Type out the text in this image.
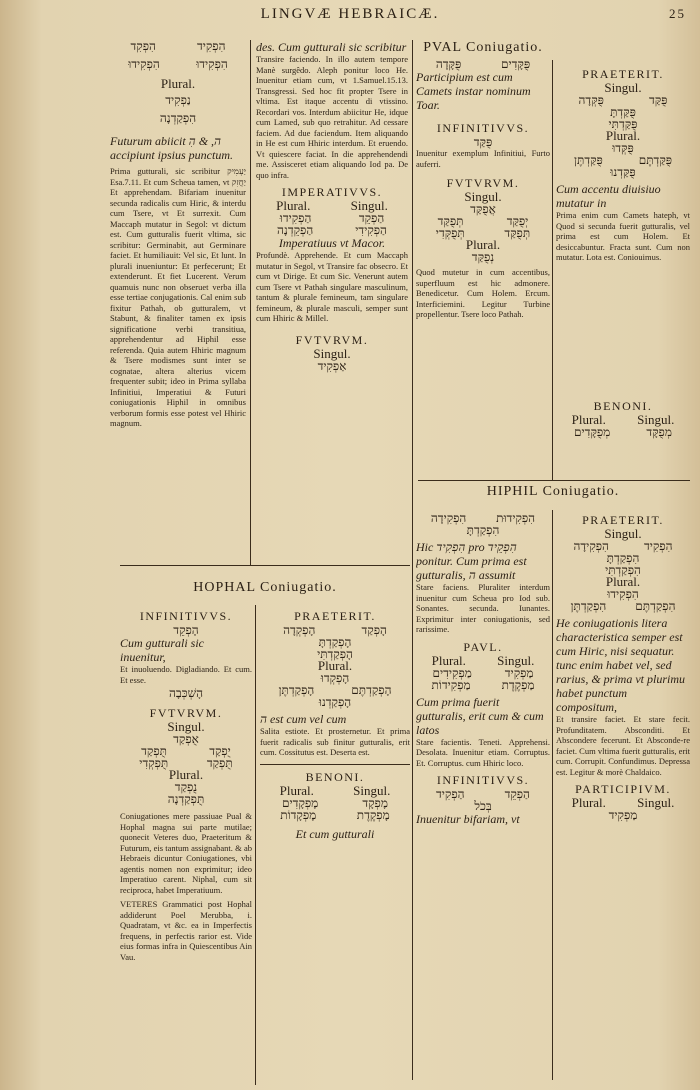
LINGVÆ HEBRAICÆ.	25
הִפְקִד	הִפְקִיד
הִפְקִידוּ	הִפְקִידוּ
Plural.
נַפְקִיד
הִפְקַדְנָה
Futurum abiicit ה, & הִ accipiunt ipsius punctum.

Prima gutturali, sic scribitur יַעְמִיק Esa.7.11. Et cum Scheua tamen, vt יַחֲזִק Et apprehendam. Bifariam inuenitur secunda radicalis cum Hiric, & interdu cum Tsere, vt Et surrexit. Cum Maccaph mutatur in Segol: vt dictum est. Cum gutturalis fuerit vltima, sic scribitur: Germinabit, aut Germinare faciet. Et humiliauit: Vel sic, Et lunt. In plurali inueniuntur: Et perfecerunt; Et extenderunt. Et fiet Lucerent. Verum quamuis nunc non obseruet verba illa esse tertiae conjugationis. Cal enim sub fixitur Pathah, ob gutturalem, vt Stabunt, & finaliter tamen ex ipsis significatione verbi transitiua, apprehendentur ad Hiphil esse referenda. Quia autem Hhiric magnum & Tsere modismes sunt inter se cognatae, altera alterius vicem frequenter subit; ideo in Prima syllaba Infinitiui, Imperatiui & Futuri coniugationis Hiphil in omnibus verborum formis esse potest vel Hhiric magnum.

des. Cum gutturali sic scribitur

Transire faciendo. In illo autem tempore Manè surgêdo. Aleph ponitur loco He. Inuenitur etiam cum, vt 1.Samuel.15.13. Transgressi. Sed hoc fit propter Tsere in vltima. Est itaque accentu di vtissino. Recordari vos. Interdum abiicitur He, idque cum Lamed, sub quo retrahitur. Ad cessare faciem. Ad due faciendum. Item aliquando in He est cum Hhiric interdum. Et eruendo. Vt quiescere faciat. In die apprehendendi me. Assisceret etiam aliquando Iod pa. De quo infra.

IMPERATIVVS.
Plural.	Singul.
הַפְקִידוּ	הַפְקֵד
הַפְקֵדְנָה	הַפְקִידִי
Imperatiuus vt Macor.

Profundè. Apprehende. Et cum Maccaph mutatur in Segol, vt Transire fac obsecro. Et cum vt Dirige. Et cum Sic. Venerunt autem cum Tsere vt Pathah singulare masculinum, tantum & plurale femineum, tam singulare femineum, & plurale masculi, semper sunt cum Hhiric & Millel.

FVTVRVM.
Singul.
אַפְקִיד
PVAL Coniugatio.
פֻּקָּדָה	פֻּקָּדִים
Participium est cum Camets instar nominum Toar.
INFINITIVVS.
פֻּקַּד

Inuenitur exemplum Infinitiui, Furto auferri.

FVTVRVM.
Singul.
אֲפֻקַּד
תְּפֻקַּד	יְפֻקַּד
תְּפֻקְּדִי	תְּפֻקַּד
Plural.
נְפֻקַּד

Quod mutetur in cum accentibus, superfluum est hic admonere. Benedicetur. Cum Holem. Ercum. Interficiemini. Legitur Turbine propellentur. Tsere loco Pathah.

PRAETERIT.
Singul.
פֻּקְּדָה	פֻּקַּד
פֻּקַּדְתָּ
פֻּקַּדְתִּי
Plural.
פֻּקְּדוּ
פֻּקַּדְתֶּן	פֻּקַּדְתֶּם
פֻּקַּדְנוּ
Cum accentu diuisiuo mutatur in

Prima enim cum Camets hateph, vt Quod si secunda fuerit gutturalis, vel prima est cum Holem. Et desiccabuntur. Fracta sunt. Cum non mutatur. Lota est. Coniouimus.

BENONI.
Plural. Singul.
מְפֻקָּדִים	מְפֻקָּד
HOPHAL Coniugatio.
INFINITIVVS.
הָפְקֵד
Cum gutturali sic inuenitur,

Et inuoluendo. Digladiando. Et cum. Et esse.

הָשְׁכְּבָה
FVTVRVM.
Singul.
אֻפְקַד
תֻּפְקַד	יֻפְקַד
תֻּפְקְדִי	תֻּפְקַד
Plural.
נֻפְקַד
תֻּפְקַדְנָה

Coniugationes mere passiuae Pual & Hophal magna sui parte mutilae; quonecit Veteres duo, Praeteritum & Futurum, eis tantum assignabant. & ab Hebraeis dicuntur Coniugationes, vbi agentis nomen non exprimitur; ideo Imperatiuo carent. Niphal, cum sit reciproca, habet Imperatiuum.

VETERES Grammatici post Hophal addiderunt Poel Merubba, i. Quadratam, vt &c. ea in Imperfectis frequens, in perfectis rarior est. Vide eius formas infra in Quiescentibus Ain Vau.

PRAETERIT.
הָפְקְדָה	הָפְקַד
הָפְקַדְתָּ
הָפְקַדְתִּי
Plural.
הָפְקְדוּ
הָפְקַדְתֶּן	הָפְקַדְתֶּם
הָפְקַדְנוּ
ה est cum vel cum

Salita estiote. Et prosternetur. Et prima fuerit radicalis sub finitur gutturalis, erit cum. Cossitutus est. Deserta est.

BENONI.
Plural.	Singul.
מָפְקָדִים	מָפְקָד
מָפְקָדוֹת	מָפְקֶדֶת
Et cum gutturali
HIPHIL Coniugatio.
הִפְקִידָה הִפְקִידוּת
הִפְקַדְתָּ
Hic הִפְקִיד pro הִפְקֵיד ponitur. Cum prima est gutturalis, ה assumit

Stare faciens. Pluraliter interdum inuenitur cum Scheua pro Iod sub. Sonantes. secunda. Iunantes. Exprimitur inter coniugationis, sed rarissime.

PAVL.
Plural. Singul.
מַפְקִידִים	מַפְקִיד
מַפְקִידוֹת	מַפְקֶדֶת
Cum prima fuerit gutturalis, erit cum & cum latos

Stare facientis. Teneti. Apprehensi. Desolata. Inuenitur etiam. Corruptus. Et. Corruptus. cum Hhiric loco.

INFINITIVVS.
הַפְקִיד	הַפְקֵד
בְּכֹל
Inuenitur bifariam, vt
PRAETERIT.
Singul.
הִפְקִידָה	הִפְקִיד
הִפְקַדְתָּ
הִפְקַדְתִּי
Plural.
הִפְקִידוּ
הִפְקַדְתֶּן הִפְקַדְתֶּם
He coniugationis litera characteristica semper est cum Hiric, nisi sequatur. tunc enim habet vel, sed rarius, & prima vt plurimu habet punctum compositum,

Et transire faciet. Et stare fecit. Profunditatem. Absconditi. Et Abscondere fecerunt. Et Absconde-re faciet. Cum vltima fuerit gutturalis, erit cum. Corrupit. Confundimus. Depressa est. Legitur & morè Chaldaico.

PARTICIPIVM.
Plural. Singul.
מַפְקִיד
